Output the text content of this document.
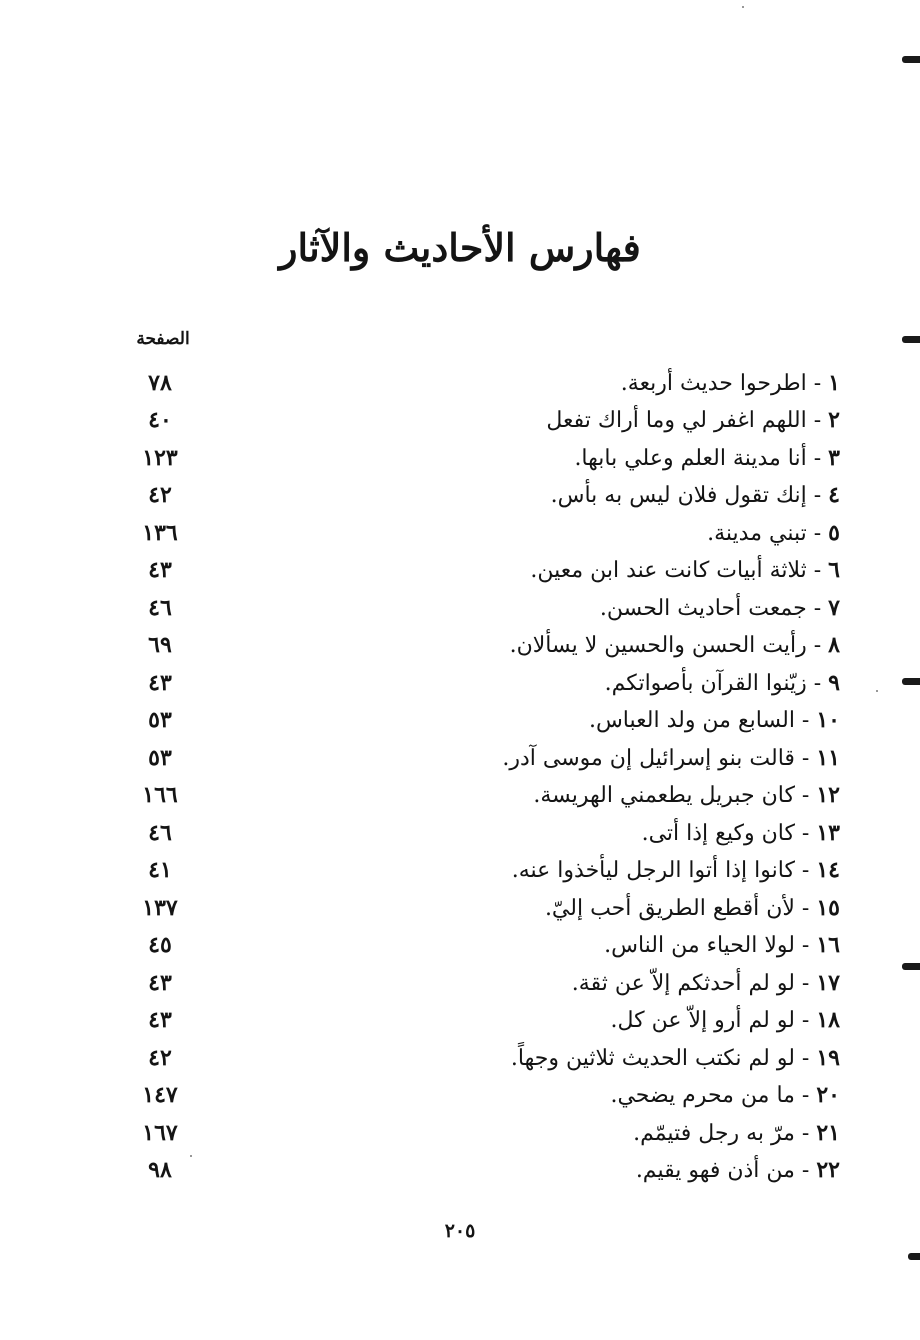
فهارس الأحاديث والآثار
الصفحة
٧٨	١ - اطرحوا حديث أربعة.
٤٠	٢ - اللهم اغفر لي وما أراك تفعل
١٢٣	٣ - أنا مدينة العلم وعلي بابها.
٤٢	٤ - إنك تقول فلان ليس به بأس.
١٣٦	٥ - تبني مدينة.
٤٣	٦ - ثلاثة أبيات كانت عند ابن معين.
٤٦	٧ - جمعت أحاديث الحسن.
٦٩	٨ - رأيت الحسن والحسين لا يسألان.
٤٣	٩ - زيّنوا القرآن بأصواتكم.
٥٣	١٠ - السابع من ولد العباس.
٥٣	١١ - قالت بنو إسرائيل إن موسى آدر.
١٦٦	١٢ - كان جبريل يطعمني الهريسة.
٤٦	١٣ - كان وكيع إذا أتى.
٤١	١٤ - كانوا إذا أتوا الرجل ليأخذوا عنه.
١٣٧	١٥ - لأن أقطع الطريق أحب إليّ.
٤٥	١٦ - لولا الحياء من الناس.
٤٣	١٧ - لو لم أحدثكم إلاّ عن ثقة.
٤٣	١٨ - لو لم أرو إلاّ عن كل.
٤٢	١٩ - لو لم نكتب الحديث ثلاثين وجهاً.
١٤٧	٢٠ - ما من محرم يضحي.
١٦٧	٢١ - مرّ به رجل فتيمّم.
٩٨	٢٢ - من أذن فهو يقيم.
٢٠٥
